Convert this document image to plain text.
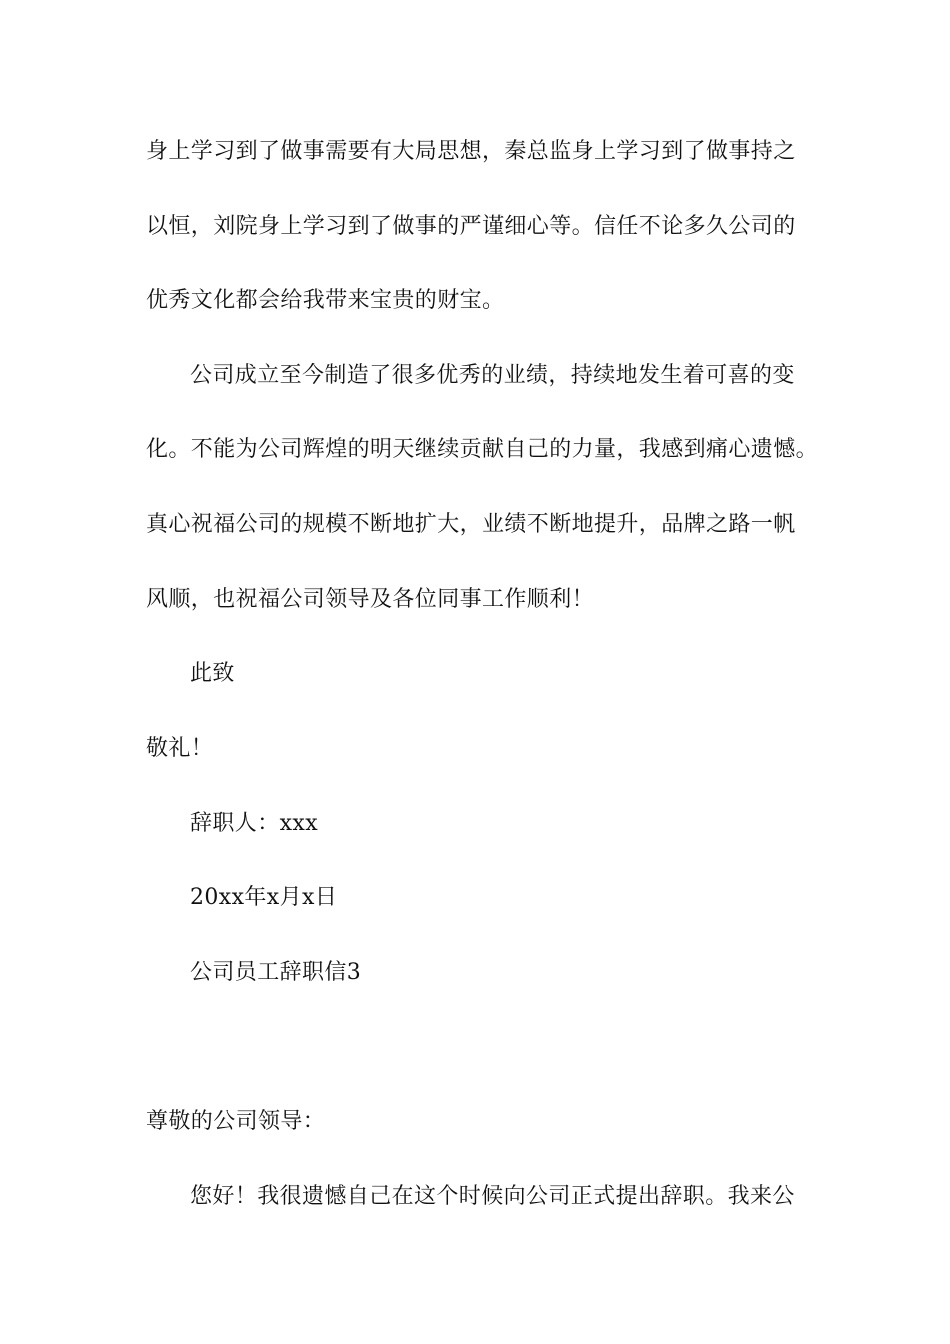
身上学习到了做事需要有大局思想，秦总监身上学习到了做事持之
以恒，刘院身上学习到了做事的严谨细心等。信任不论多久公司的
优秀文化都会给我带来宝贵的财宝。
公司成立至今制造了很多优秀的业绩，持续地发生着可喜的变
化。不能为公司辉煌的明天继续贡献自己的力量，我感到痛心遗憾。
真心祝福公司的规模不断地扩大，业绩不断地提升，品牌之路一帆
风顺，也祝福公司领导及各位同事工作顺利！
此致
敬礼！
辞职人：xxx
20xx年x月x日
公司员工辞职信3
尊敬的公司领导：
您好！我很遗憾自己在这个时候向公司正式提出辞职。我来公
